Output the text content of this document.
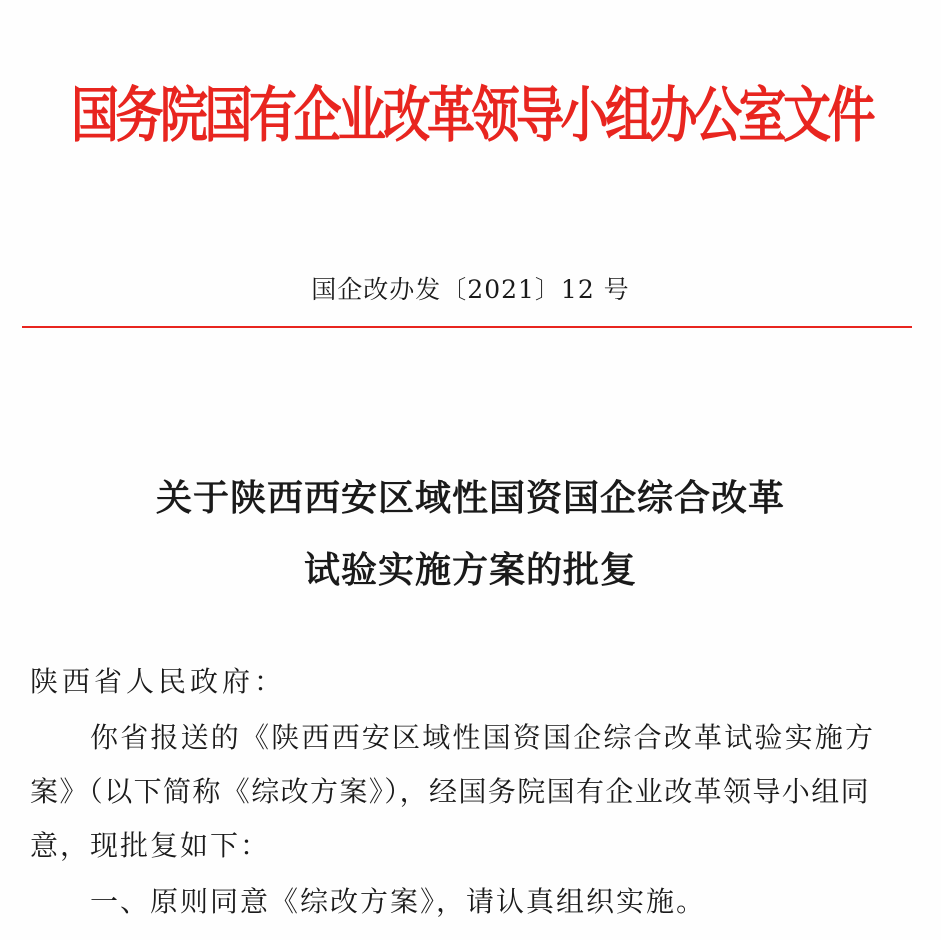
国务院国有企业改革领导小组办公室文件
国企改办发〔2021〕12 号
关于陕西西安区域性国资国企综合改革
试验实施方案的批复
陕西省人民政府：
你省报送的《陕西西安区域性国资国企综合改革试验实施方
案》（以下简称《综改方案》），经国务院国有企业改革领导小组同
意，现批复如下：
一、原则同意《综改方案》，请认真组织实施。
